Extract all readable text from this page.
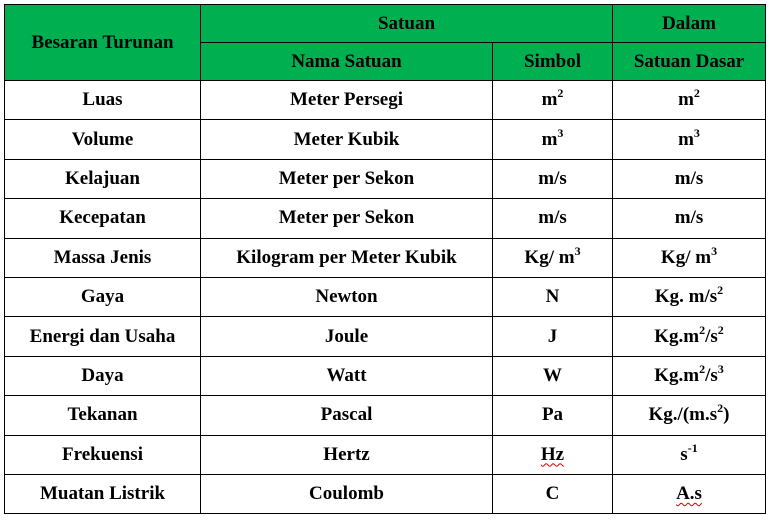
Besaran Turunan	Satuan		Dalam
	Nama Satuan	Simbol	Satuan Dasar
Luas	Meter Persegi	$m^2$	$m^2$
Volume	Meter Kubik	$m^3$	$m^3$
Kelajuan	Meter per Sekon	m/s	m/s
Kecepatan	Meter per Sekon	m/s	m/s
Massa Jenis	Kilogram per Meter Kubik	Kg/ $m^3$	Kg/ $m^3$
Gaya	Newton	N	Kg. $m/s^2$
Energi dan Usaha	Joule	J	$Kg.m^2/s^2$
Daya	Watt	W	$Kg.m^2/s^3$
Tekanan	Pascal	Pa	$Kg./(m.s^2)$
Frekuensi	Hertz	Hz	$s^{-1}$
Muatan Listrik	Coulomb	C	A.s
